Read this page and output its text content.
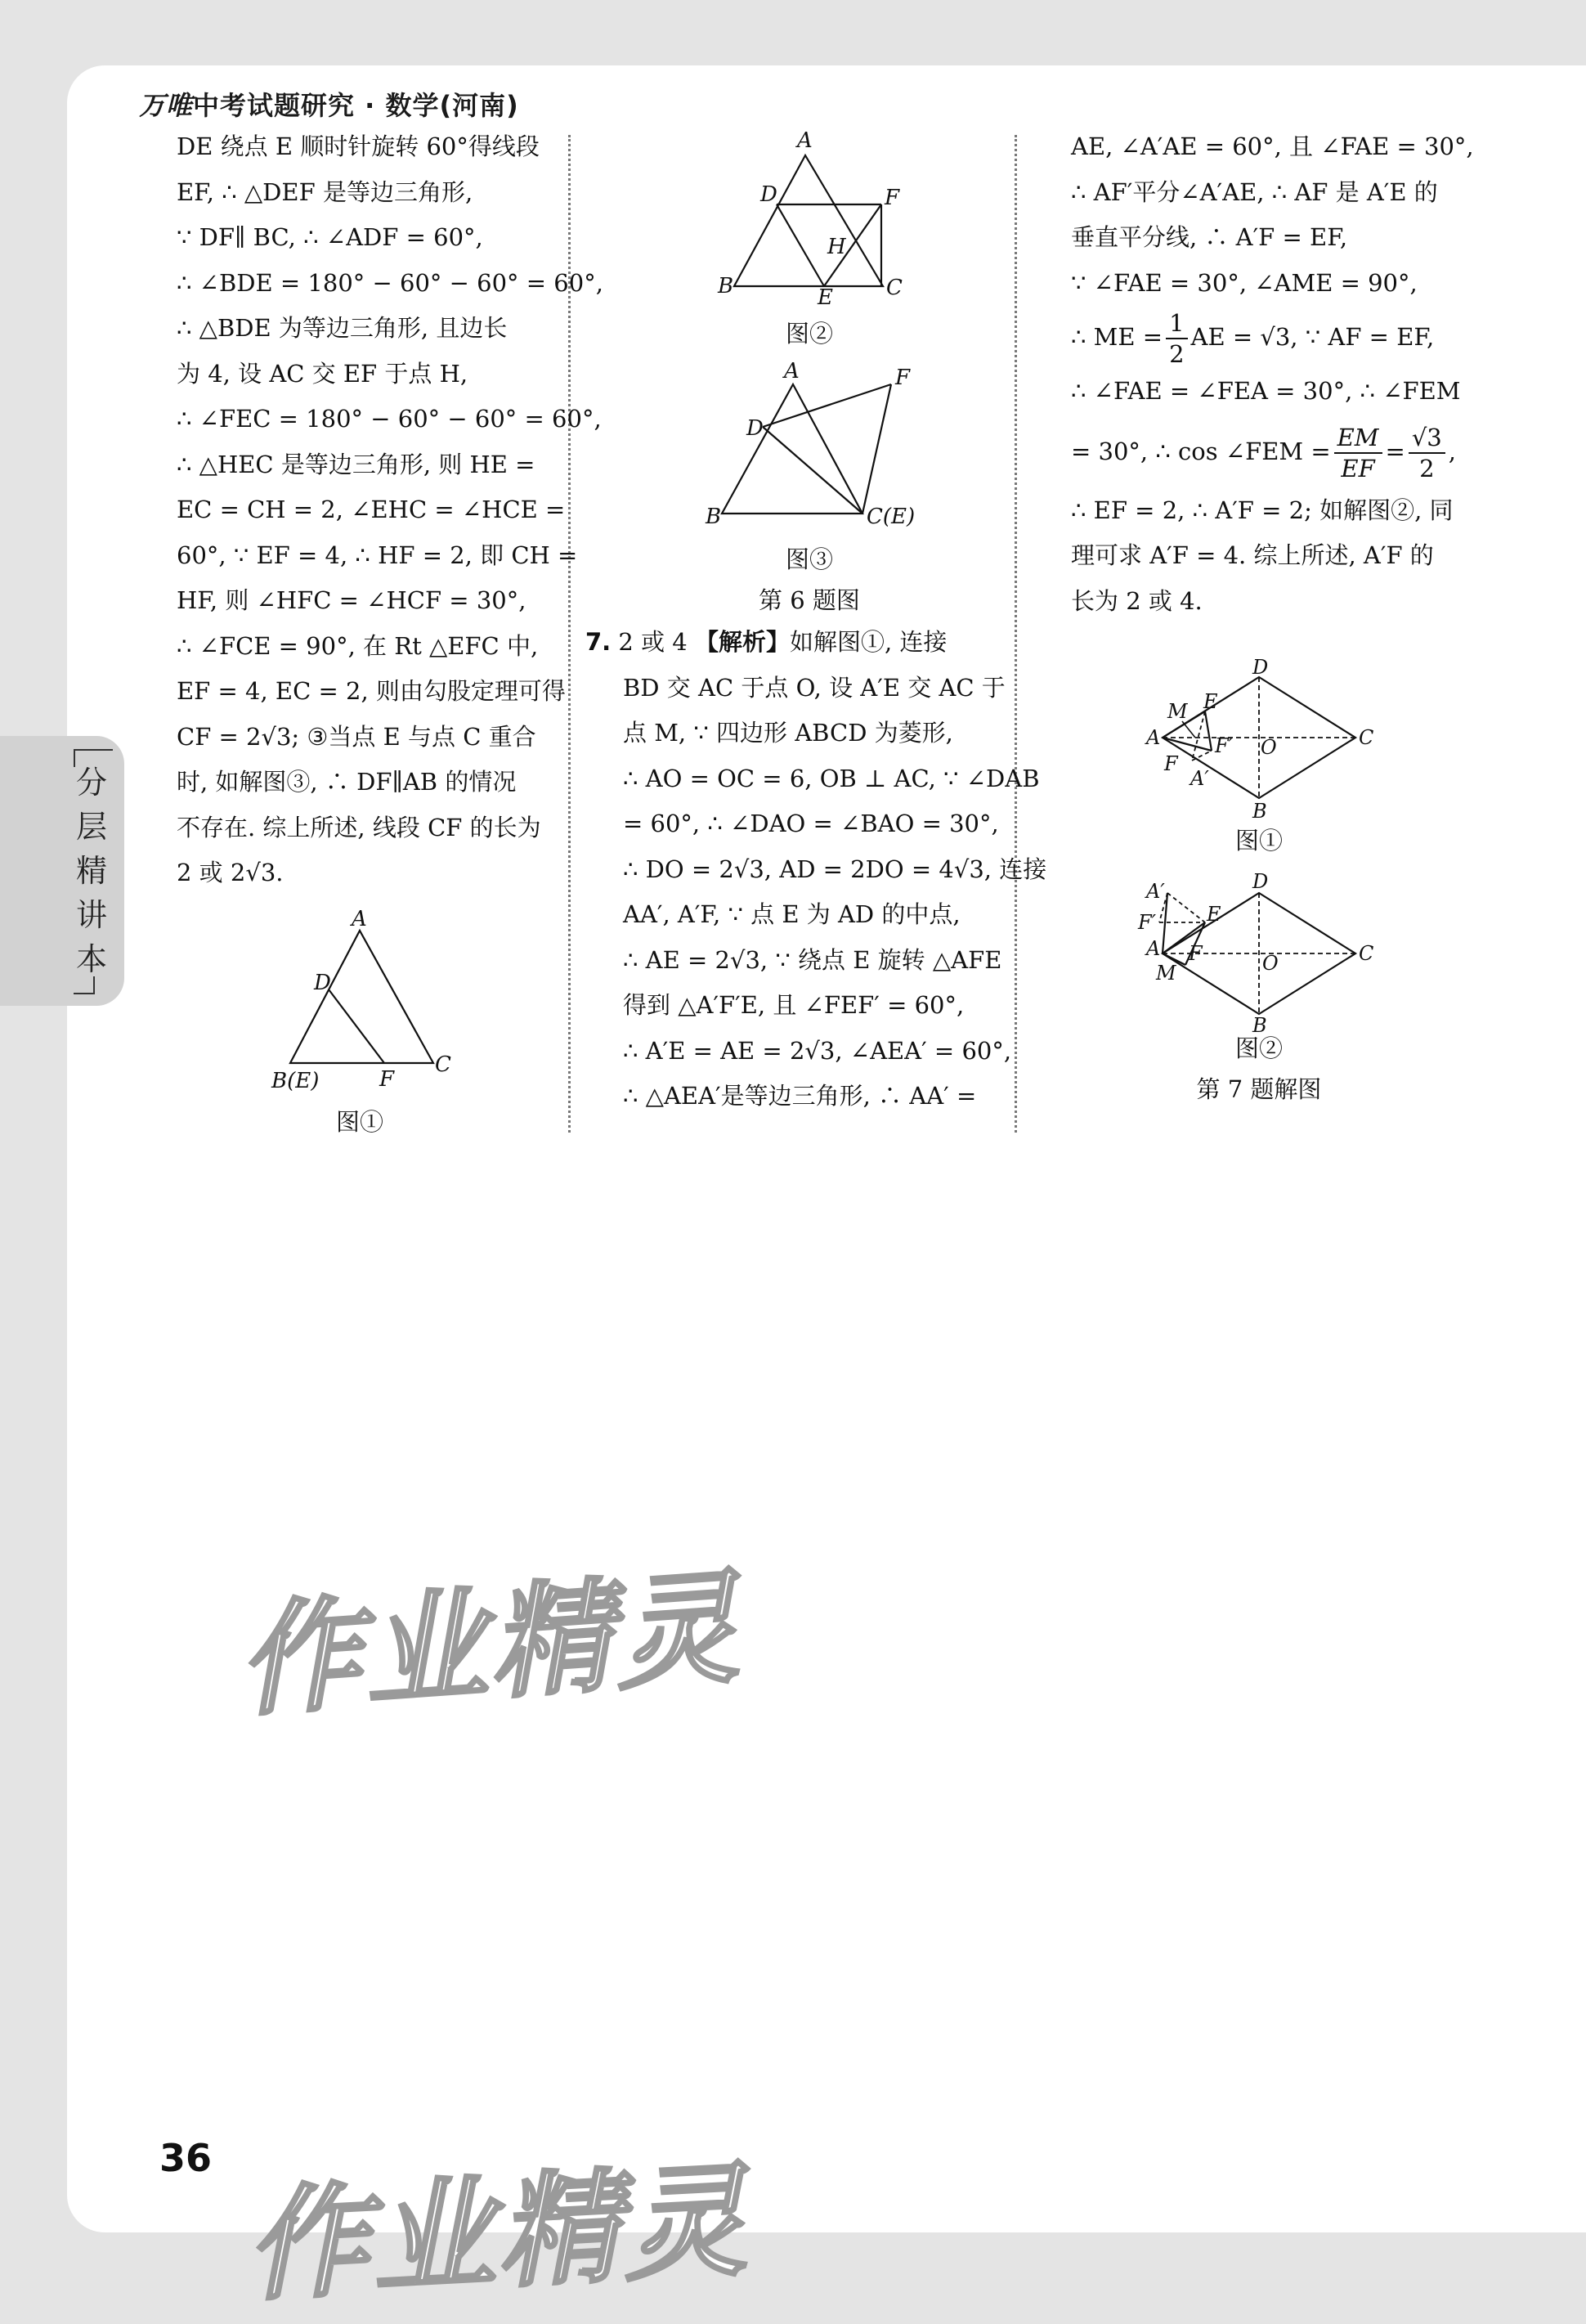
万唯中考试题研究 · 数学(河南)
分
层
精
讲
本
DE 绕点 E 顺时针旋转 60°得线段
EF, ∴ △DEF 是等边三角形,
∵ DF∥ BC, ∴ ∠ADF = 60°,
∴ ∠BDE = 180° − 60° − 60° = 60°,
∴ △BDE 为等边三角形, 且边长
为 4, 设 AC 交 EF 于点 H,
∴ ∠FEC = 180° − 60° − 60° = 60°,
∴ △HEC 是等边三角形, 则 HE =
EC = CH = 2, ∠EHC = ∠HCE =
60°, ∵ EF = 4, ∴ HF = 2, 即 CH =
HF, 则 ∠HFC = ∠HCF = 30°,
∴ ∠FCE = 90°, 在 Rt △EFC 中,
EF = 4, EC = 2, 则由勾股定理可得
CF = 2√3; ③当点 E 与点 C 重合
时, 如解图③, ∴ DF∥AB 的情况
不存在. 综上所述, 线段 CF 的长为
2 或 2√3.
A
D
B(E)	F
C
图①
A
D	F
H
B	E	C
图②
A
D
F
B	C(E)
图③
第 6 题图
7. 2 或 4 【解析】如解图①, 连接
BD 交 AC 于点 O, 设 A′E 交 AC 于
点 M, ∵ 四边形 ABCD 为菱形,
∴ AO = OC = 6, OB ⊥ AC, ∵ ∠DAB
= 60°, ∴ ∠DAO = ∠BAO = 30°,
∴ DO = 2√3, AD = 2DO = 4√3, 连接
AA′, A′F, ∵ 点 E 为 AD 的中点,
∴ AE = 2√3, ∵ 绕点 E 旋转 △AFE
得到 △A′F′E, 且 ∠FEF′ = 60°,
∴ A′E = AE = 2√3, ∠AEA′ = 60°,
∴ △AEA′是等边三角形, ∴ AA′ =
AE, ∠A′AE = 60°, 且 ∠FAE = 30°,
∴ AF′平分∠A′AE, ∴ AF 是 A′E 的
垂直平分线, ∴ A′F = EF,
∵ ∠FAE = 30°, ∠AME = 90°,
∴ ME = $\frac{1}{2}$ AE = √3, ∵ AF = EF,
∴ ∠FAE = ∠FEA = 30°, ∴ ∠FEM
= 30°, ∴ cos ∠FEM = $\frac{EM}{EF} = \frac{√3}{2}$ ,
∴ EF = 2, ∴ A′F = 2; 如解图②, 同
理可求 A′F = 4. 综上所述, A′F 的
长为 2 或 4.
A
D
C
B
M E
F
F′ O
A′
图①
A′
E
F′
A F
M
D
C
B
O
图②
第 7 题解图
作业精灵
作业精灵
36
